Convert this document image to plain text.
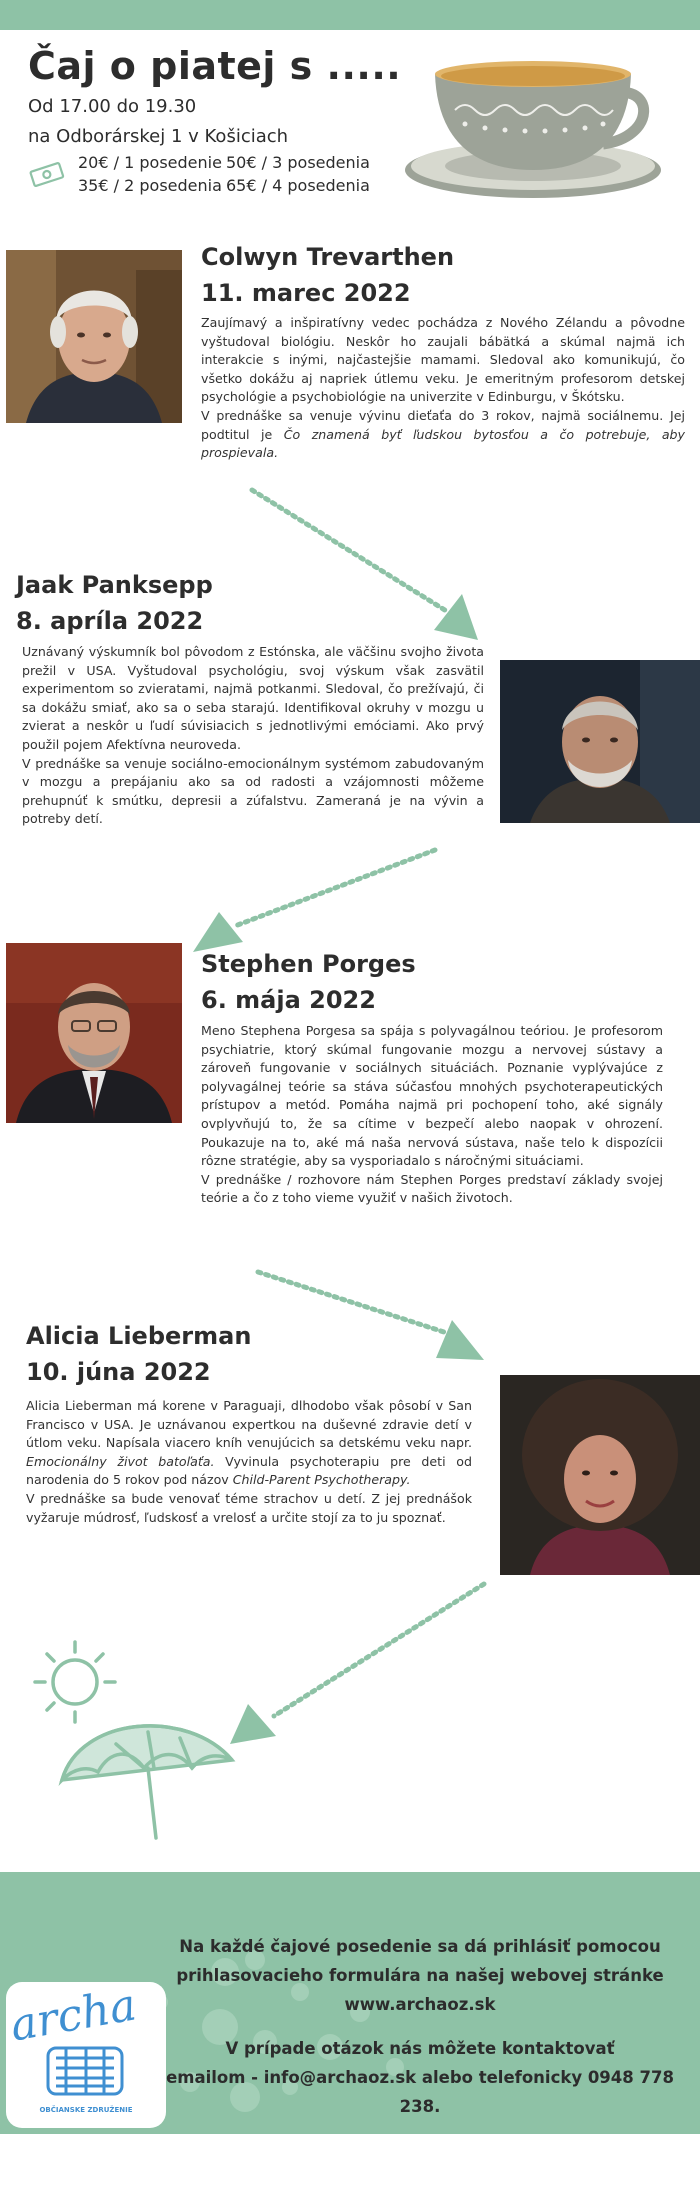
Čaj o piatej s .....
Od 17.00 do 19.30
na Odborárskej 1 v Košiciach
20€ / 1 posedenie 50€ / 3 posedenia
35€ / 2 posedenia 65€ / 4 posedenia
Colwyn Trevarthen
11. marec 2022

Zaujímavý a inšpiratívny vedec pochádza z Nového Zélandu a pôvodne vyštudoval biológiu. Neskôr ho zaujali bábätká a skúmal najmä ich interakcie s inými, najčastejšie mamami. Sledoval ako komunikujú, čo všetko dokážu aj napriek útlemu veku. Je emeritným profesorom detskej psychológie a psychobiológie na univerzite v Edinburgu, v Škótsku.

V prednáške sa venuje vývinu dieťaťa do 3 rokov, najmä sociálnemu. Jej podtitul je Čo znamená byť ľudskou bytosťou a čo potrebuje, aby prospievala.

Jaak Panksepp
8. apríla 2022

Uznávaný výskumník bol pôvodom z Estónska, ale väčšinu svojho života prežil v USA. Vyštudoval psychológiu, svoj výskum však zasvätil experimentom so zvieratami, najmä potkanmi. Sledoval, čo prežívajú, či sa dokážu smiať, ako sa o seba starajú. Identifikoval okruhy v mozgu u zvierat a neskôr u ľudí súvisiacich s jednotlivými emóciami. Ako prvý použil pojem Afektívna neuroveda.

V prednáške sa venuje sociálno-emocionálnym systémom zabudovaným v mozgu a prepájaniu ako sa od radosti a vzájomnosti môžeme prehupnúť k smútku, depresii a zúfalstvu. Zameraná je na vývin a potreby detí.

Stephen Porges
6. mája 2022

Meno Stephena Porgesa sa spája s polyvagálnou teóriou. Je profesorom psychiatrie, ktorý skúmal fungovanie mozgu a nervovej sústavy a zároveň fungovanie v sociálnych situáciách. Poznanie vyplývajúce z polyvagálnej teórie sa stáva súčasťou mnohých psychoterapeutických prístupov a metód. Pomáha najmä pri pochopení toho, aké signály ovplyvňujú to, že sa cítime v bezpečí alebo naopak v ohrození. Poukazuje na to, aké má naša nervová sústava, naše telo k dispozícii rôzne stratégie, aby sa vysporiadalo s náročnými situáciami.

V prednáške / rozhovore nám Stephen Porges predstaví základy svojej teórie a čo z toho vieme využiť v našich životoch.

Alicia Lieberman
10. júna 2022

Alicia Lieberman má korene v Paraguaji, dlhodobo však pôsobí v San Francisco v USA. Je uznávanou expertkou na duševné zdravie detí v útlom veku. Napísala viacero kníh venujúcich sa detskému veku napr. Emocionálny život batoľaťa. Vyvinula psychoterapiu pre deti od narodenia do 5 rokov pod názov Child-Parent Psychotherapy.

V prednáške sa bude venovať téme strachov u detí. Z jej prednášok vyžaruje múdrosť, ľudskosť a vrelosť a určite stojí za to ju spoznať.

Na každé čajové posedenie sa dá prihlásiť pomocou
prihlasovacieho formulára na našej webovej stránke
www.archaoz.sk
V prípade otázok nás môžete kontaktovať
emailom - info@archaoz.sk alebo telefonicky 0948 778 238.
archa
OBČIANSKE ZDRUŽENIE
